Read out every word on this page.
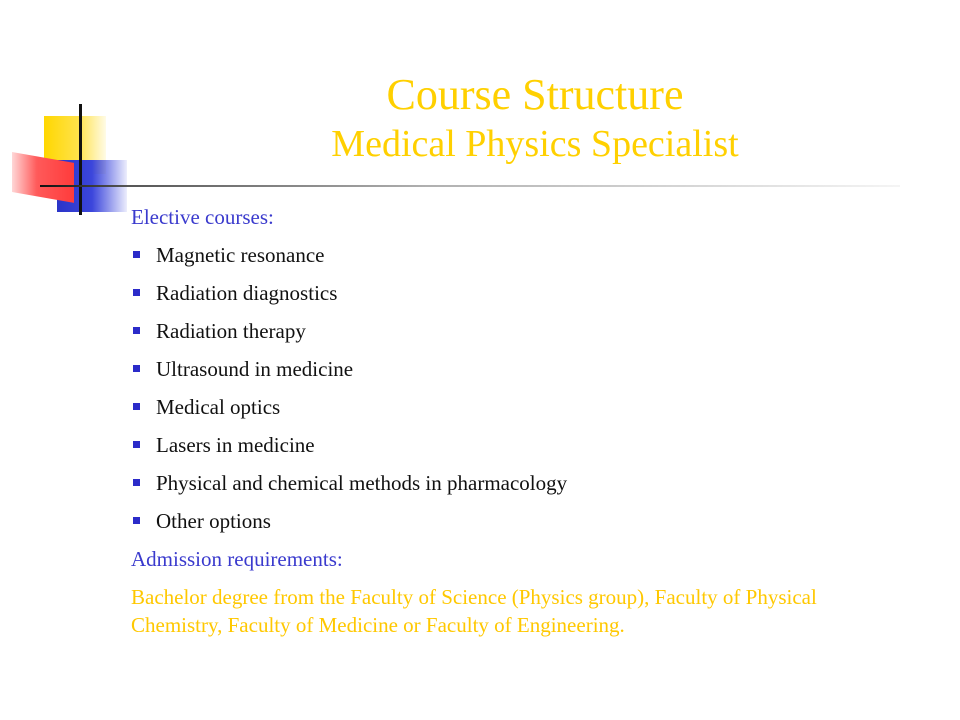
Course Structure
Medical Physics Specialist
Elective courses:
Magnetic resonance
Radiation diagnostics
Radiation therapy
Ultrasound in medicine
Medical optics
Lasers in medicine
Physical and chemical methods in pharmacology
Other options
Admission requirements:
Bachelor degree from the Faculty of Science (Physics group), Faculty of Physical Chemistry, Faculty of Medicine or Faculty of Engineering.
